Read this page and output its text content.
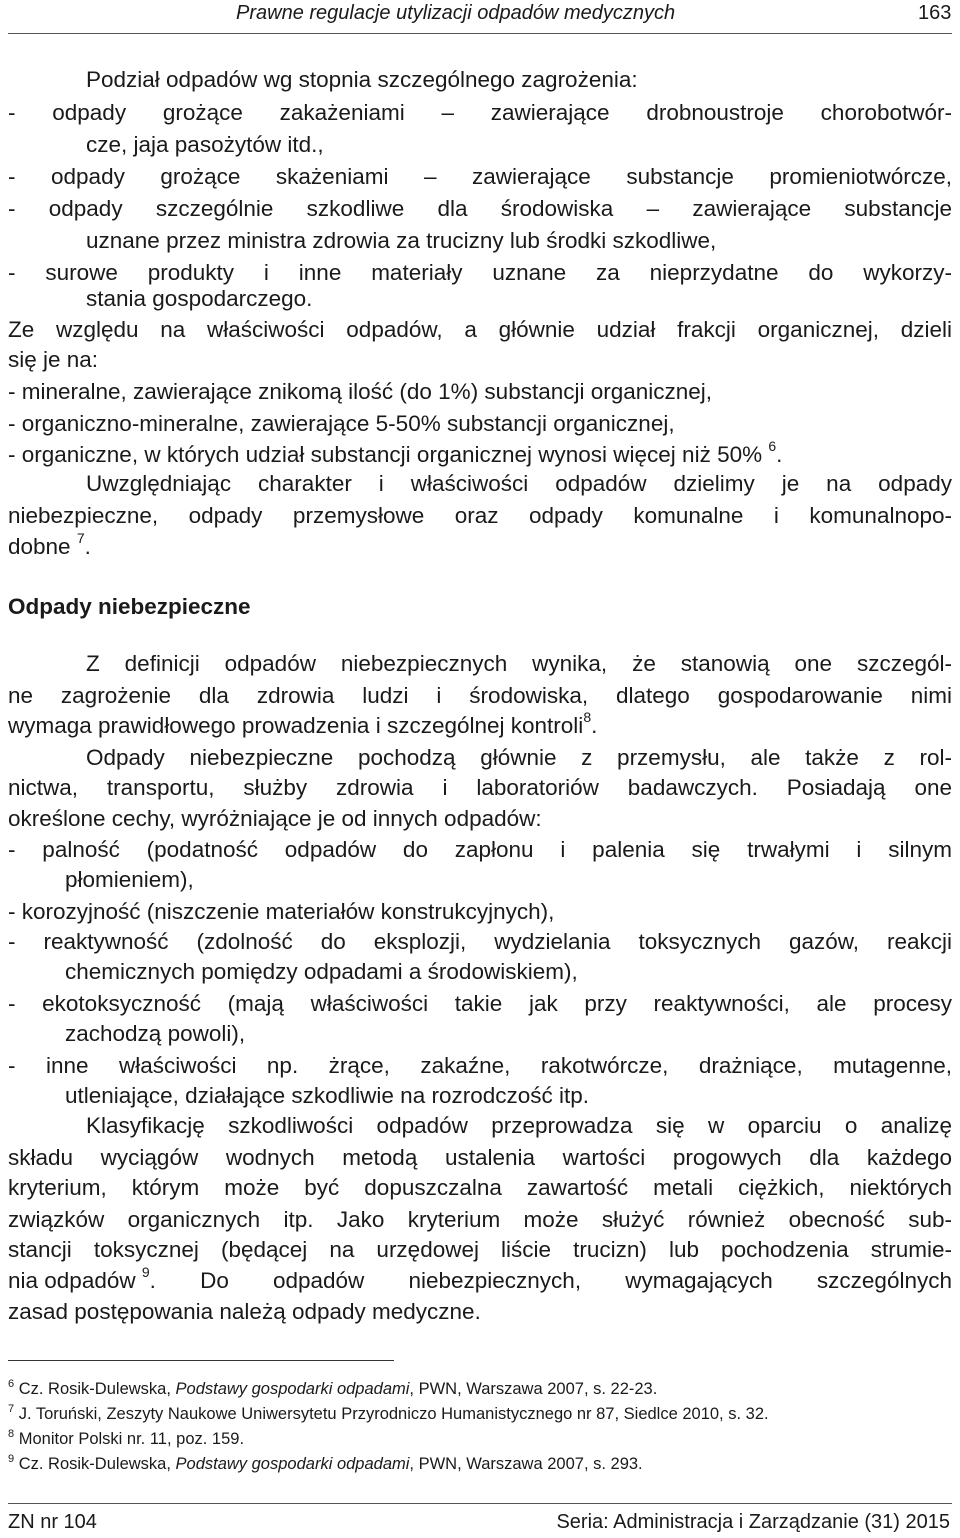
Prawne regulacje utylizacji odpadów medycznych	163
Podział odpadów wg stopnia szczególnego zagrożenia:
- odpady grożące zakażeniami – zawierające drobnoustroje chorobotwór-
cze, jaja pasożytów itd.,
- odpady grożące skażeniami – zawierające substancje promieniotwórcze,
- odpady szczególnie szkodliwe dla środowiska – zawierające substancje
uznane przez ministra zdrowia za trucizny lub środki szkodliwe,
- surowe produkty i inne materiały uznane za nieprzydatne do wykorzy-
stania gospodarczego.
Ze względu na właściwości odpadów, a głównie udział frakcji organicznej, dzieli
się je na:
- mineralne, zawierające znikomą ilość (do 1%) substancji organicznej,
- organiczno-mineralne, zawierające 5-50% substancji organicznej,
- organiczne, w których udział substancji organicznej wynosi więcej niż 50% $^6$.
Uwzględniając charakter i właściwości odpadów dzielimy je na odpady
niebezpieczne, odpady przemysłowe oraz odpady komunalne i komunalnopo-
dobne $^7$.
Odpady niebezpieczne
Z definicji odpadów niebezpiecznych wynika, że stanowią one szczegól-
ne zagrożenie dla zdrowia ludzi i środowiska, dlatego gospodarowanie nimi
wymaga prawidłowego prowadzenia i szczególnej kontroli$^8$.
Odpady niebezpieczne pochodzą głównie z przemysłu, ale także z rol-
nictwa, transportu, służby zdrowia i laboratoriów badawczych. Posiadają one
określone cechy, wyróżniające je od innych odpadów:
- palność (podatność odpadów do zapłonu i palenia się trwałymi i silnym
płomieniem),
- korozyjność (niszczenie materiałów konstrukcyjnych),
- reaktywność (zdolność do eksplozji, wydzielania toksycznych gazów, reakcji
chemicznych pomiędzy odpadami a środowiskiem),
- ekotoksyczność (mają właściwości takie jak przy reaktywności, ale procesy
zachodzą powoli),
- inne właściwości np. żrące, zakaźne, rakotwórcze, drażniące, mutagenne,
utleniające, działające szkodliwie na rozrodczość itp.
Klasyfikację szkodliwości odpadów przeprowadza się w oparciu o analizę
składu wyciągów wodnych metodą ustalenia wartości progowych dla każdego
kryterium, którym może być dopuszczalna zawartość metali ciężkich, niektórych
związków organicznych itp. Jako kryterium może służyć również obecność sub-
stancji toksycznej (będącej na urzędowej liście trucizn) lub pochodzenia strumie-
nia odpadów
9 . Do odpadów niebezpiecznych, wymagających szczególnych
zasad postępowania należą odpady medyczne.
$^6$ Cz. Rosik-Dulewska, Podstawy gospodarki odpadami, PWN, Warszawa 2007, s. 22-23.
$^7$ J. Toruński, Zeszyty Naukowe Uniwersytetu Przyrodniczo Humanistycznego nr 87, Siedlce 2010, s. 32.
$^8$ Monitor Polski nr. 11, poz. 159.
$^9$ Cz. Rosik-Dulewska, Podstawy gospodarki odpadami, PWN, Warszawa 2007, s. 293.
ZN nr 104	Seria: Administracja i Zarządzanie (31) 2015
